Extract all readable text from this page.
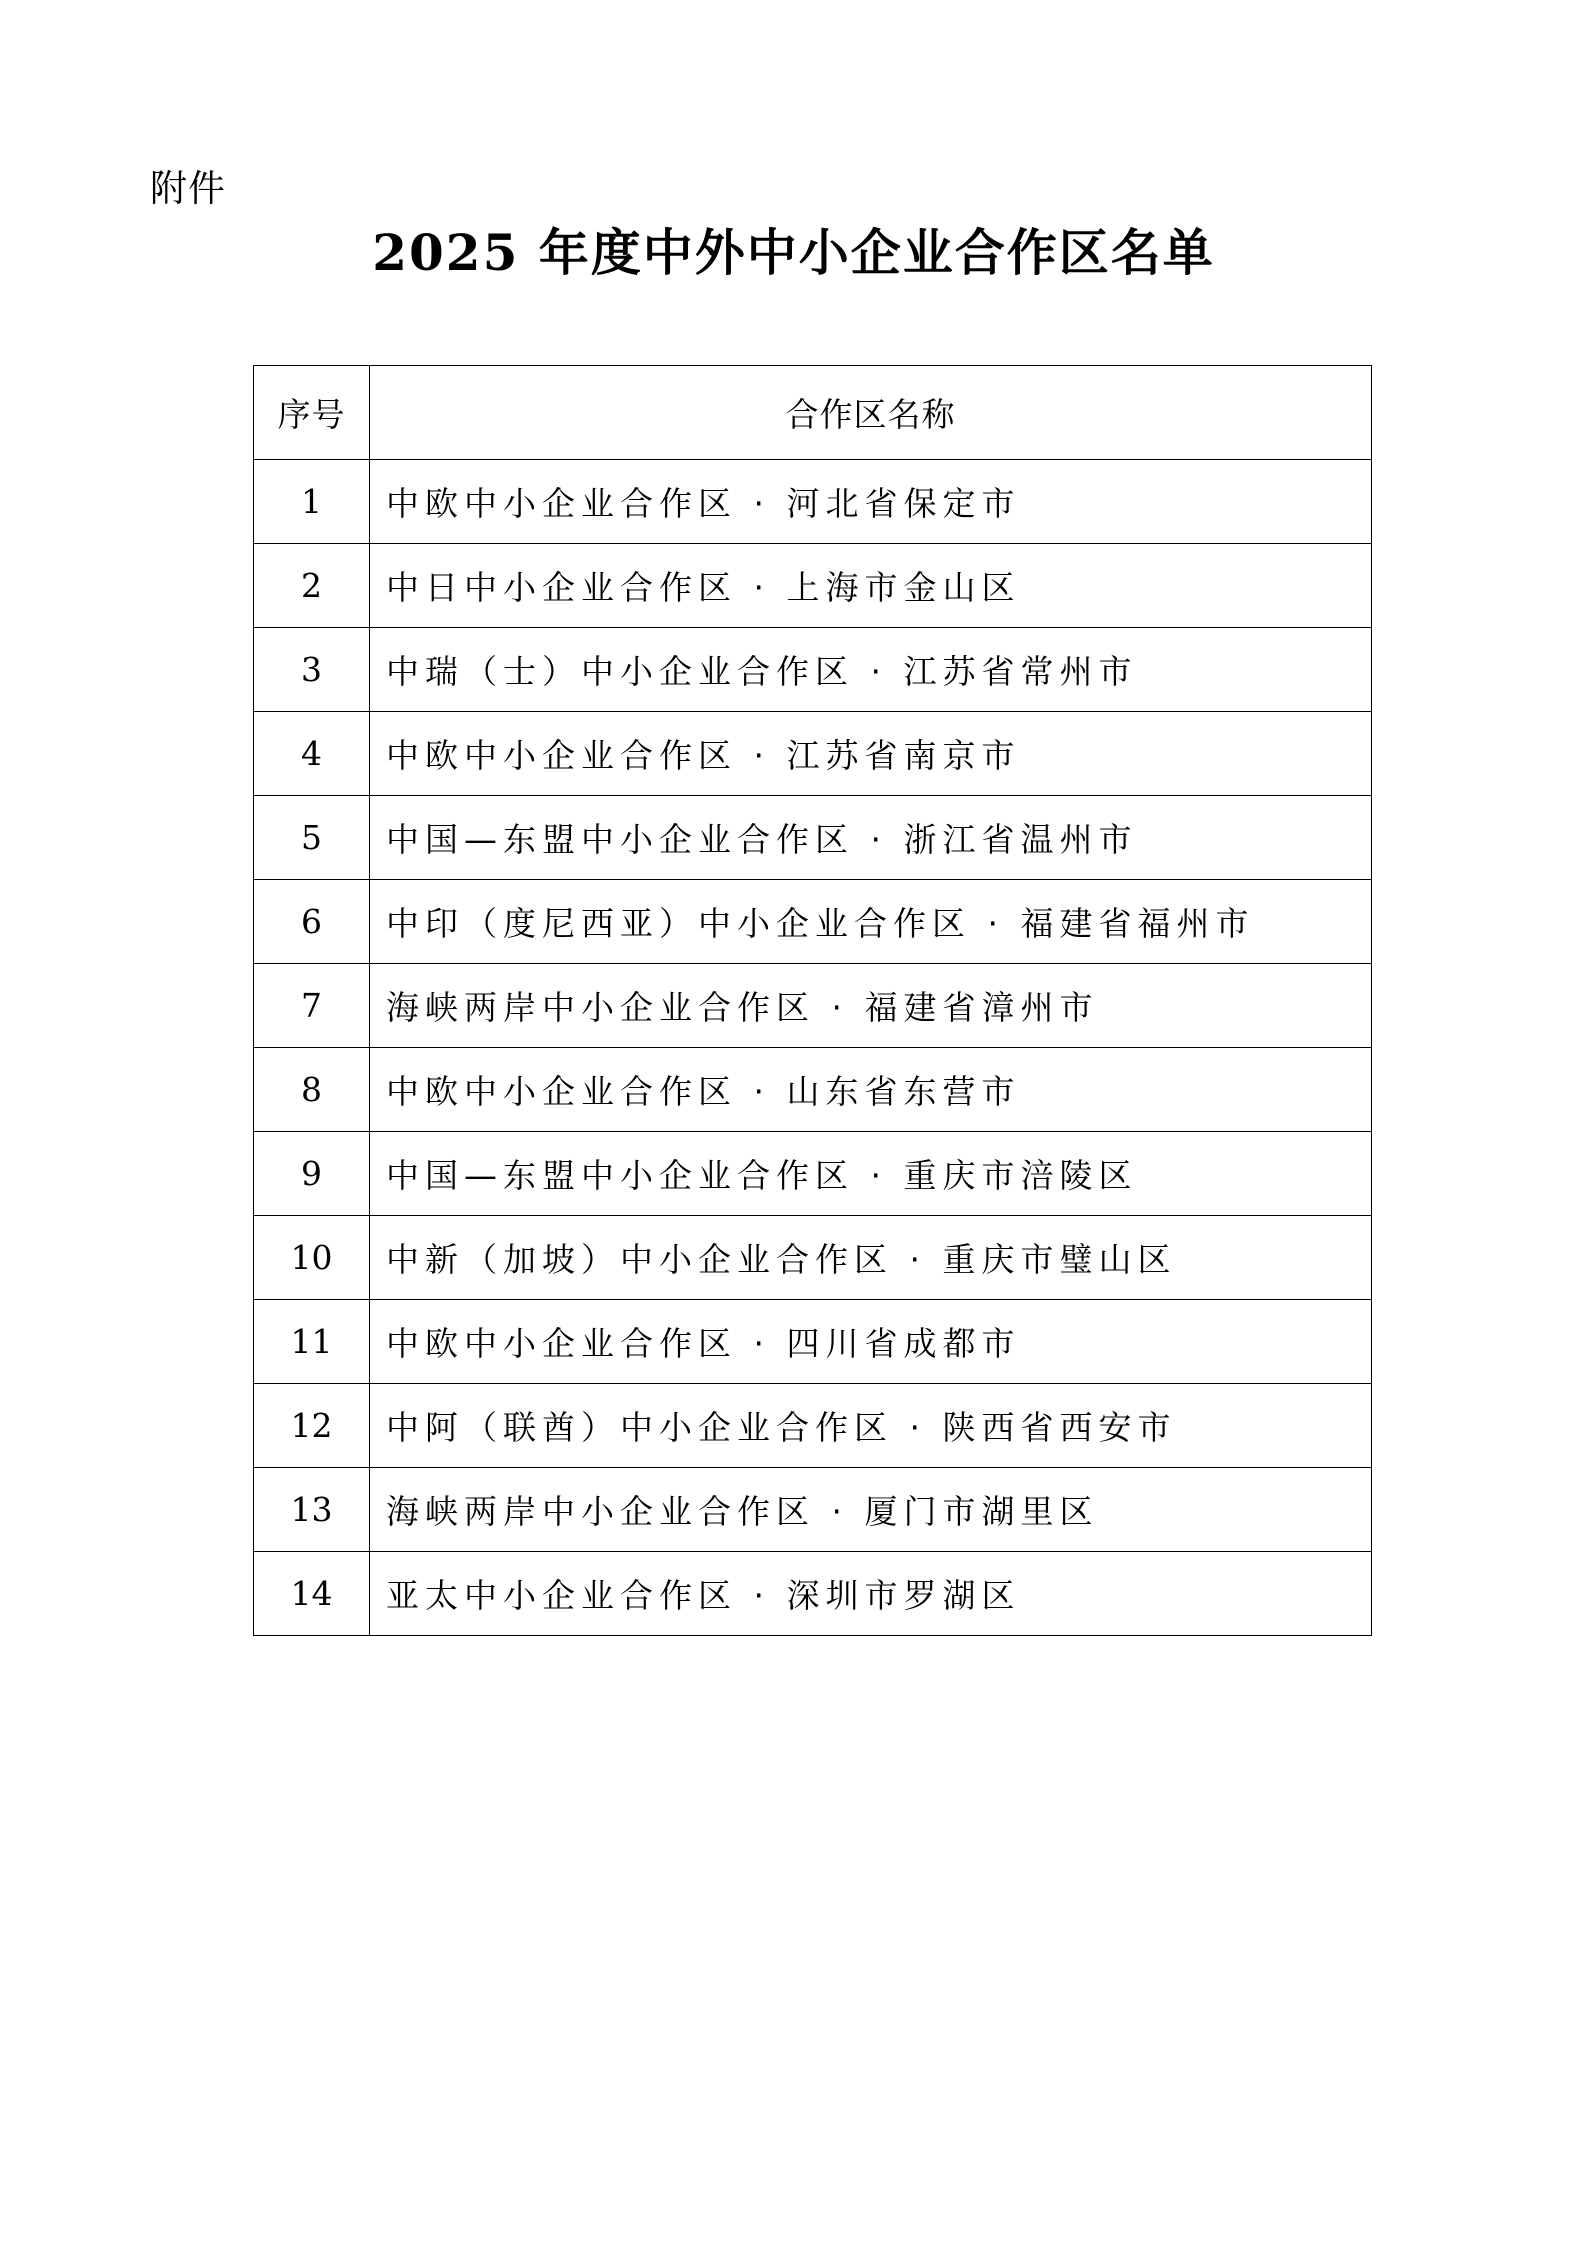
附件
2025 年度中外中小企业合作区名单
序号	合作区名称
1	中欧中小企业合作区 · 河北省保定市
2	中日中小企业合作区 · 上海市金山区
3	中瑞（士）中小企业合作区 · 江苏省常州市
4	中欧中小企业合作区 · 江苏省南京市
5	中国—东盟中小企业合作区 · 浙江省温州市
6	中印（度尼西亚）中小企业合作区 · 福建省福州市
7	海峡两岸中小企业合作区 · 福建省漳州市
8	中欧中小企业合作区 · 山东省东营市
9	中国—东盟中小企业合作区 · 重庆市涪陵区
10	中新（加坡）中小企业合作区 · 重庆市璧山区
11	中欧中小企业合作区 · 四川省成都市
12	中阿（联酋）中小企业合作区 · 陕西省西安市
13	海峡两岸中小企业合作区 · 厦门市湖里区
14	亚太中小企业合作区 · 深圳市罗湖区
